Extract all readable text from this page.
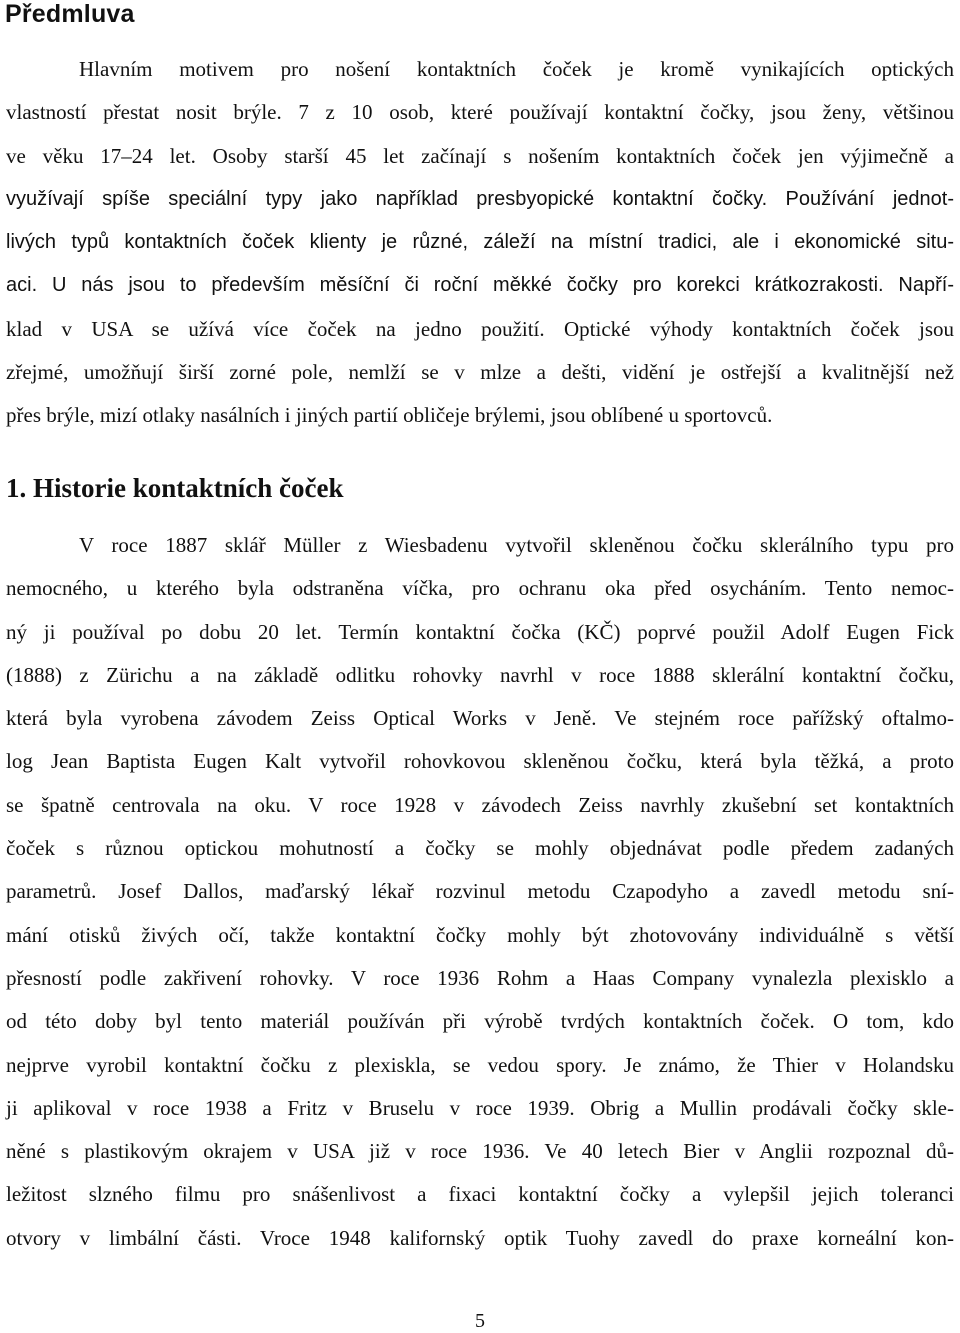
Předmluva
Hlavním motivem pro nošení kontaktních čoček je kromě vynikajících optických
vlastností přestat nosit brýle. 7 z 10 osob, které používají kontaktní čočky, jsou ženy, většinou
ve věku 17–24 let. Osoby starší 45 let začínají s nošením kontaktních čoček jen výjimečně a
využívají spíše speciální typy jako například presbyopické kontaktní čočky. Používání jednot-
livých typů kontaktních čoček klienty je různé, záleží na místní tradici, ale i ekonomické situ-
aci. U nás jsou to především měsíční či roční měkké čočky pro korekci krátkozrakosti. Napří-
klad v USA se užívá více čoček na jedno použití. Optické výhody kontaktních čoček jsou
zřejmé, umožňují širší zorné pole, nemlží se v mlze a dešti, vidění je ostřejší a kvalitnější než
přes brýle, mizí otlaky nasálních i jiných partií obličeje brýlemi, jsou oblíbené u sportovců.
1. Historie kontaktních čoček
V roce 1887 sklář Müller z Wiesbadenu vytvořil skleněnou čočku sklerálního typu pro
nemocného, u kterého byla odstraněna víčka, pro ochranu oka před osycháním. Tento nemoc-
ný ji používal po dobu 20 let. Termín kontaktní čočka (KČ) poprvé použil Adolf Eugen Fick
(1888) z Zürichu a na základě odlitku rohovky navrhl v roce 1888 sklerální kontaktní čočku,
která byla vyrobena závodem Zeiss Optical Works v Jeně. Ve stejném roce pařížský oftalmo-
log Jean Baptista Eugen Kalt vytvořil rohovkovou skleněnou čočku, která byla těžká, a proto
se špatně centrovala na oku. V roce 1928 v závodech Zeiss navrhly zkušební set kontaktních
čoček s různou optickou mohutností a čočky se mohly objednávat podle předem zadaných
parametrů. Josef Dallos, maďarský lékař rozvinul metodu Czapodyho a zavedl metodu sní-
mání otisků živých očí, takže kontaktní čočky mohly být zhotovovány individuálně s větší
přesností podle zakřivení rohovky. V roce 1936 Rohm a Haas Company vynalezla plexisklo a
od této doby byl tento materiál používán při výrobě tvrdých kontaktních čoček. O tom, kdo
nejprve vyrobil kontaktní čočku z plexiskla, se vedou spory. Je známo, že Thier v Holandsku
ji aplikoval v roce 1938 a Fritz v Bruselu v roce 1939. Obrig a Mullin prodávali čočky skle-
něné s plastikovým okrajem v USA již v roce 1936. Ve 40 letech Bier v Anglii rozpoznal dů-
ležitost slzného filmu pro snášenlivost a fixaci kontaktní čočky a vylepšil jejich toleranci
otvory v limbální části. Vroce 1948 kalifornský optik Tuohy zavedl do praxe korneální kon-
5
